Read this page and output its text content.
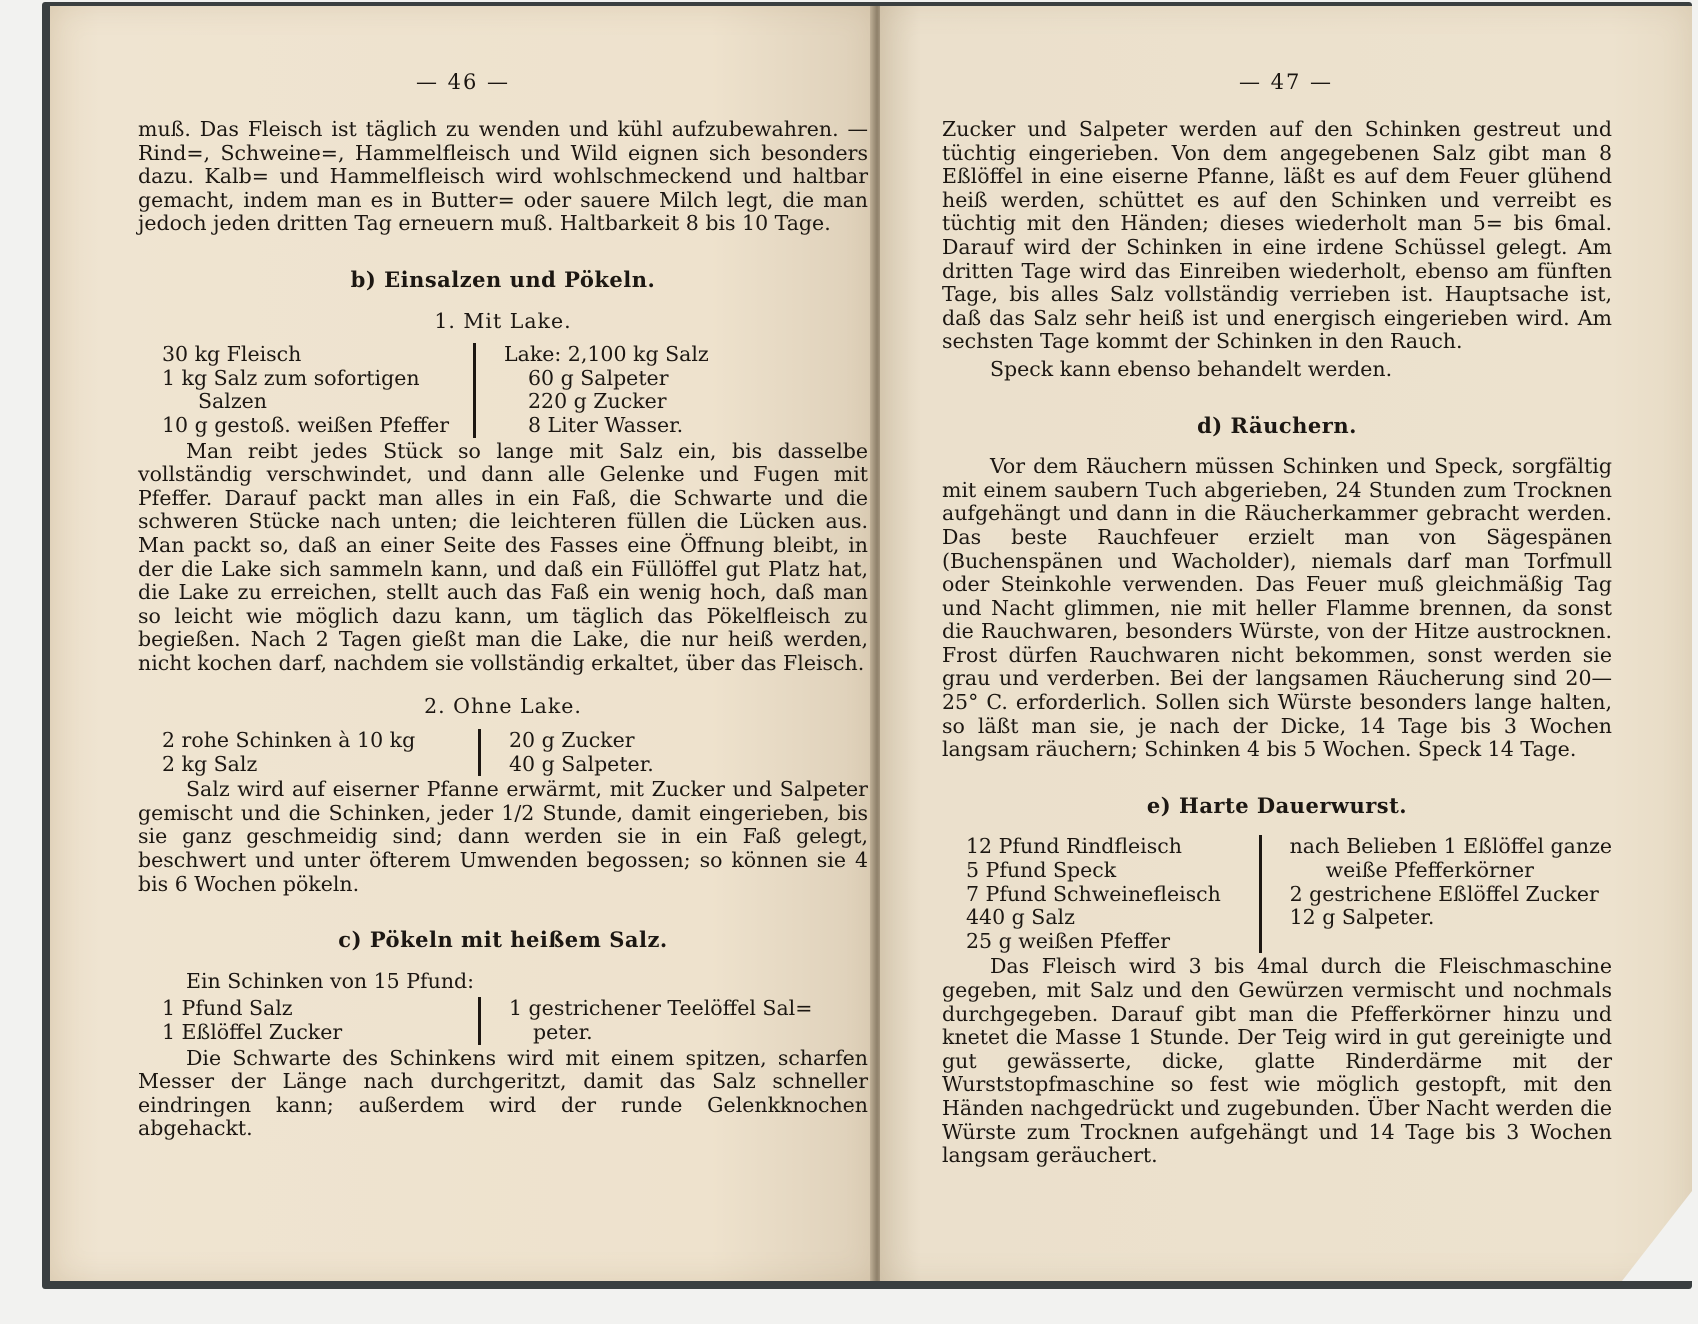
— 46 —

muß. Das Fleisch ist täglich zu wenden und kühl aufzubewahren. — Rind=, Schweine=, Hammelfleisch und Wild eignen sich besonders dazu. Kalb= und Hammelfleisch wird wohlschmeckend und haltbar gemacht, indem man es in Butter= oder sauere Milch legt, die man jedoch jeden dritten Tag erneuern muß. Haltbarkeit 8 bis 10 Tage.

b) Einsalzen und Pökeln.
1. Mit Lake.
30 kg Fleisch
1 kg Salz zum sofortigen
Salzen
10 g gestoß. weißen Pfeffer
Lake: 2,100 kg Salz
60 g Salpeter
220 g Zucker
8 Liter Wasser.

Man reibt jedes Stück so lange mit Salz ein, bis dasselbe vollständig verschwindet, und dann alle Gelenke und Fugen mit Pfeffer. Darauf packt man alles in ein Faß, die Schwarte und die schweren Stücke nach unten; die leichteren füllen die Lücken aus. Man packt so, daß an einer Seite des Fasses eine Öffnung bleibt, in der die Lake sich sammeln kann, und daß ein Füllöffel gut Platz hat, die Lake zu erreichen, stellt auch das Faß ein wenig hoch, daß man so leicht wie möglich dazu kann, um täglich das Pökelfleisch zu begießen. Nach 2 Tagen gießt man die Lake, die nur heiß werden, nicht kochen darf, nachdem sie vollständig erkaltet, über das Fleisch.

2. Ohne Lake.
2 rohe Schinken à 10 kg
2 kg Salz
20 g Zucker
40 g Salpeter.

Salz wird auf eiserner Pfanne erwärmt, mit Zucker und Salpeter gemischt und die Schinken, jeder 1/2 Stunde, damit eingerieben, bis sie ganz geschmeidig sind; dann werden sie in ein Faß gelegt, beschwert und unter öfterem Umwenden begossen; so können sie 4 bis 6 Wochen pökeln.

c) Pökeln mit heißem Salz.

Ein Schinken von 15 Pfund:

1 Pfund Salz
1 Eßlöffel Zucker
1 gestrichener Teelöffel Sal=
peter.

Die Schwarte des Schinkens wird mit einem spitzen, scharfen Messer der Länge nach durchgeritzt, damit das Salz schneller eindringen kann; außerdem wird der runde Gelenkknochen abgehackt.

— 47 —

Zucker und Salpeter werden auf den Schinken gestreut und tüchtig eingerieben. Von dem angegebenen Salz gibt man 8 Eßlöffel in eine eiserne Pfanne, läßt es auf dem Feuer glühend heiß werden, schüttet es auf den Schinken und verreibt es tüchtig mit den Händen; dieses wiederholt man 5= bis 6mal. Darauf wird der Schinken in eine irdene Schüssel gelegt. Am dritten Tage wird das Einreiben wiederholt, ebenso am fünften Tage, bis alles Salz vollständig verrieben ist. Hauptsache ist, daß das Salz sehr heiß ist und energisch eingerieben wird. Am sechsten Tage kommt der Schinken in den Rauch.

Speck kann ebenso behandelt werden.

d) Räuchern.

Vor dem Räuchern müssen Schinken und Speck, sorgfältig mit einem saubern Tuch abgerieben, 24 Stunden zum Trocknen aufgehängt und dann in die Räucherkammer gebracht werden. Das beste Rauchfeuer erzielt man von Sägespänen (Buchenspänen und Wacholder), niemals darf man Torfmull oder Steinkohle verwenden. Das Feuer muß gleichmäßig Tag und Nacht glimmen, nie mit heller Flamme brennen, da sonst die Rauchwaren, besonders Würste, von der Hitze austrocknen. Frost dürfen Rauchwaren nicht bekommen, sonst werden sie grau und verderben. Bei der langsamen Räucherung sind 20—25° C. erforderlich. Sollen sich Würste besonders lange halten, so läßt man sie, je nach der Dicke, 14 Tage bis 3 Wochen langsam räuchern; Schinken 4 bis 5 Wochen. Speck 14 Tage.

e) Harte Dauerwurst.
12 Pfund Rindfleisch
5 Pfund Speck
7 Pfund Schweinefleisch
440 g Salz
25 g weißen Pfeffer
nach Belieben 1 Eßlöffel ganze
weiße Pfefferkörner
2 gestrichene Eßlöffel Zucker
12 g Salpeter.

Das Fleisch wird 3 bis 4mal durch die Fleischmaschine gegeben, mit Salz und den Gewürzen vermischt und nochmals durchgegeben. Darauf gibt man die Pfefferkörner hinzu und knetet die Masse 1 Stunde. Der Teig wird in gut gereinigte und gut gewässerte, dicke, glatte Rinderdärme mit der Wurststopfmaschine so fest wie möglich gestopft, mit den Händen nachgedrückt und zugebunden. Über Nacht werden die Würste zum Trocknen aufgehängt und 14 Tage bis 3 Wochen langsam geräuchert.
